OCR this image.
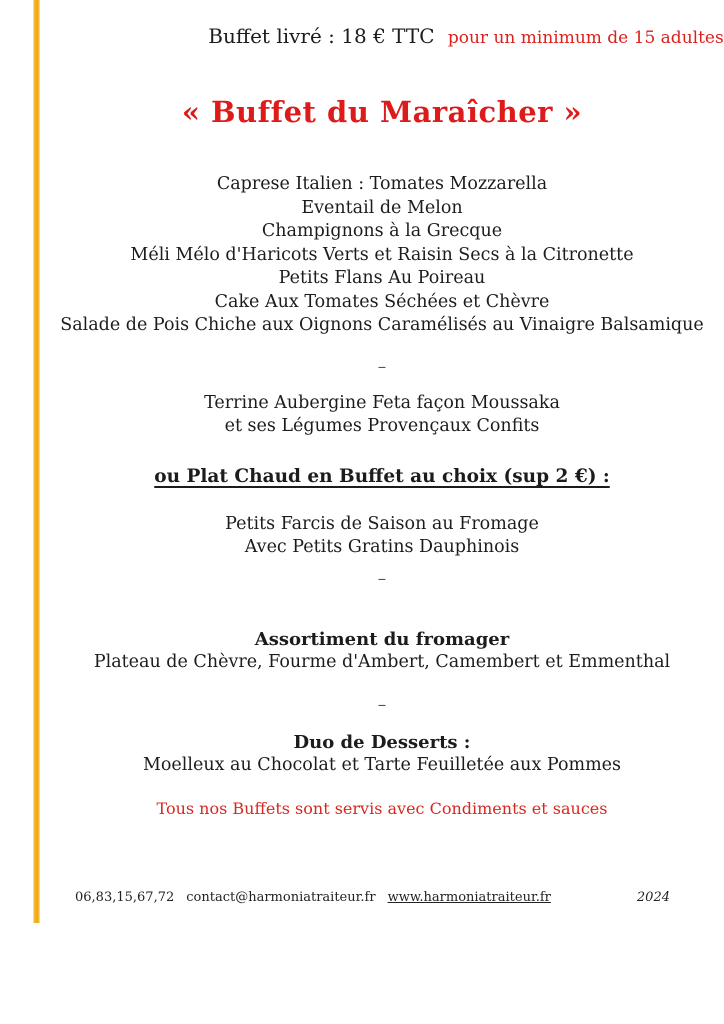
Buffet livré : 18 € TTC pour un minimum de 15 adultes
« Buffet du Maraîcher »
Caprese Italien : Tomates Mozzarella
Eventail de Melon
Champignons à la Grecque
Méli Mélo d'Haricots Verts et Raisin Secs à la Citronette
Petits Flans Au Poireau
Cake Aux Tomates Séchées et Chèvre
Salade de Pois Chiche aux Oignons Caramélisés au Vinaigre Balsamique
–
Terrine Aubergine Feta façon Moussaka
et ses Légumes Provençaux Confits
ou Plat Chaud en Buffet au choix (sup 2 €) :
Petits Farcis de Saison au Fromage
Avec Petits Gratins Dauphinois
–
Assortiment du fromager
Plateau de Chèvre, Fourme d'Ambert, Camembert et Emmenthal
–
Duo de Desserts :
Moelleux au Chocolat et Tarte Feuilletée aux Pommes
Tous nos Buffets sont servis avec Condiments et sauces
06,83,15,67,72 contact@harmoniatraiteur.fr www.harmoniatraiteur.fr	2024
